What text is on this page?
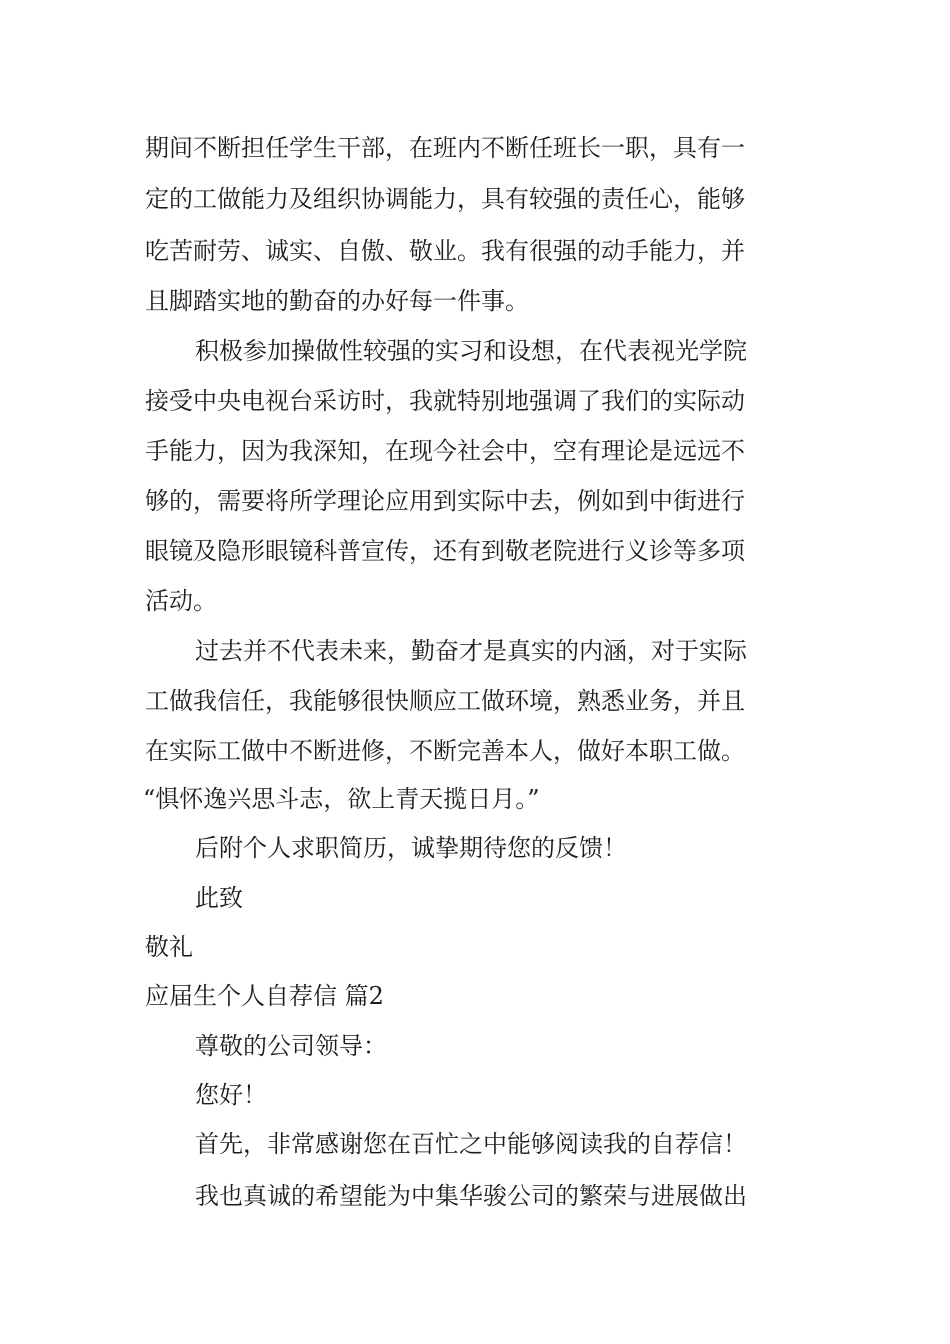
期间不断担任学生干部，在班内不断任班长一职，具有一
定的工做能力及组织协调能力，具有较强的责任心，能够
吃苦耐劳、诚实、自傲、敬业。我有很强的动手能力，并
且脚踏实地的勤奋的办好每一件事。
积极参加操做性较强的实习和设想，在代表视光学院
接受中央电视台采访时，我就特别地强调了我们的实际动
手能力，因为我深知，在现今社会中，空有理论是远远不
够的，需要将所学理论应用到实际中去，例如到中街进行
眼镜及隐形眼镜科普宣传，还有到敬老院进行义诊等多项
活动。
过去并不代表未来，勤奋才是真实的内涵，对于实际
工做我信任，我能够很快顺应工做环境，熟悉业务，并且
在实际工做中不断进修，不断完善本人，做好本职工做。
“惧怀逸兴思斗志，欲上青天揽日月。”
后附个人求职简历，诚挚期待您的反馈！
此致
敬礼
应届生个人自荐信 篇2
尊敬的公司领导：
您好！
首先，非常感谢您在百忙之中能够阅读我的自荐信！
我也真诚的希望能为中集华骏公司的繁荣与进展做出
